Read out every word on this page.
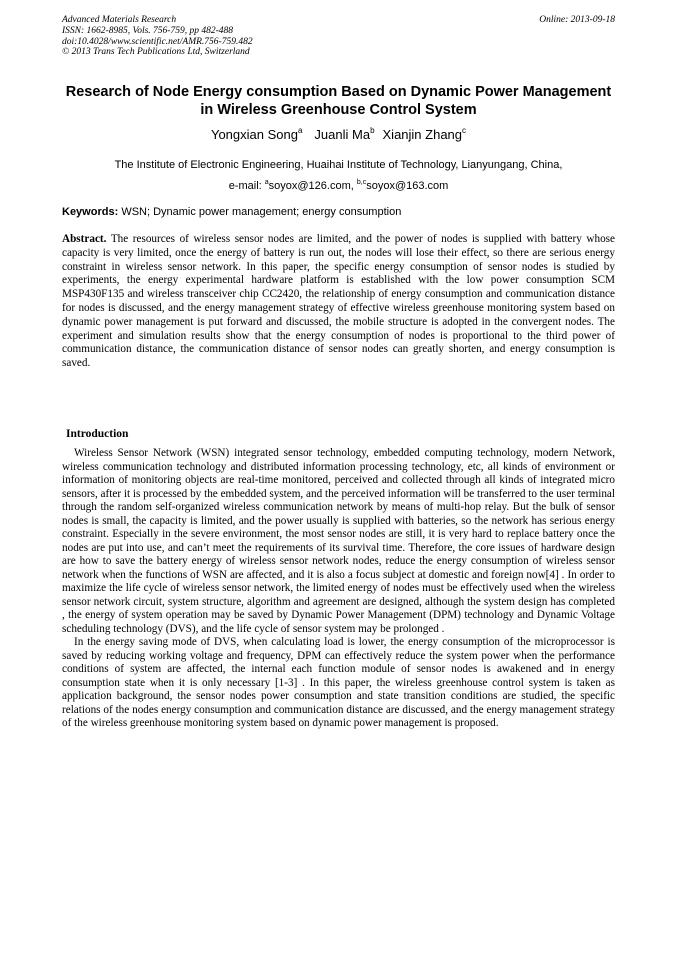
Advanced Materials Research
ISSN: 1662-8985, Vols. 756-759, pp 482-488
doi:10.4028/www.scientific.net/AMR.756-759.482
© 2013 Trans Tech Publications Ltd, Switzerland
Online: 2013-09-18
Research of Node Energy consumption Based on Dynamic Power Management in Wireless Greenhouse Control System
Yongxian Song$^a$ Juanli Ma$^b$ Xianjin Zhang$^c$
The Institute of Electronic Engineering, Huaihai Institute of Technology, Lianyungang, China,
e-mail: $^a$soyox@126.com, $^{b,c}$soyox@163.com
Keywords: WSN; Dynamic power management; energy consumption
Abstract. The resources of wireless sensor nodes are limited, and the power of nodes is supplied with battery whose capacity is very limited, once the energy of battery is run out, the nodes will lose their effect, so there are serious energy constraint in wireless sensor network. In this paper, the specific energy consumption of sensor nodes is studied by experiments, the energy experimental hardware platform is established with the low power consumption SCM MSP430F135 and wireless transceiver chip CC2420, the relationship of energy consumption and communication distance for nodes is discussed, and the energy management strategy of effective wireless greenhouse monitoring system based on dynamic power management is put forward and discussed, the mobile structure is adopted in the convergent nodes. The experiment and simulation results show that the energy consumption of nodes is proportional to the third power of communication distance, the communication distance of sensor nodes can greatly shorten, and energy consumption is saved.
Introduction

Wireless Sensor Network (WSN) integrated sensor technology, embedded computing technology, modern Network, wireless communication technology and distributed information processing technology, etc, all kinds of environment or information of monitoring objects are real-time monitored, perceived and collected through all kinds of integrated micro sensors, after it is processed by the embedded system, and the perceived information will be transferred to the user terminal through the random self-organized wireless communication network by means of multi-hop relay. But the bulk of sensor nodes is small, the capacity is limited, and the power usually is supplied with batteries, so the network has serious energy constraint. Especially in the severe environment, the most sensor nodes are still, it is very hard to replace battery once the nodes are put into use, and can’t meet the requirements of its survival time. Therefore, the core issues of hardware design are how to save the battery energy of wireless sensor network nodes, reduce the energy consumption of wireless sensor network when the functions of WSN are affected, and it is also a focus subject at domestic and foreign now[4] . In order to maximize the life cycle of wireless sensor network, the limited energy of nodes must be effectively used when the wireless sensor network circuit, system structure, algorithm and agreement are designed, although the system design has completed , the energy of system operation may be saved by Dynamic Power Management (DPM) technology and Dynamic Voltage scheduling technology (DVS), and the life cycle of sensor system may be prolonged .

In the energy saving mode of DVS, when calculating load is lower, the energy consumption of the microprocessor is saved by reducing working voltage and frequency, DPM can effectively reduce the system power when the performance conditions of system are affected, the internal each function module of sensor nodes is awakened and in energy consumption state when it is only necessary [1-3] . In this paper, the wireless greenhouse control system is taken as application background, the sensor nodes power consumption and state transition conditions are studied, the specific relations of the nodes energy consumption and communication distance are discussed, and the energy management strategy of the wireless greenhouse monitoring system based on dynamic power management is proposed.
